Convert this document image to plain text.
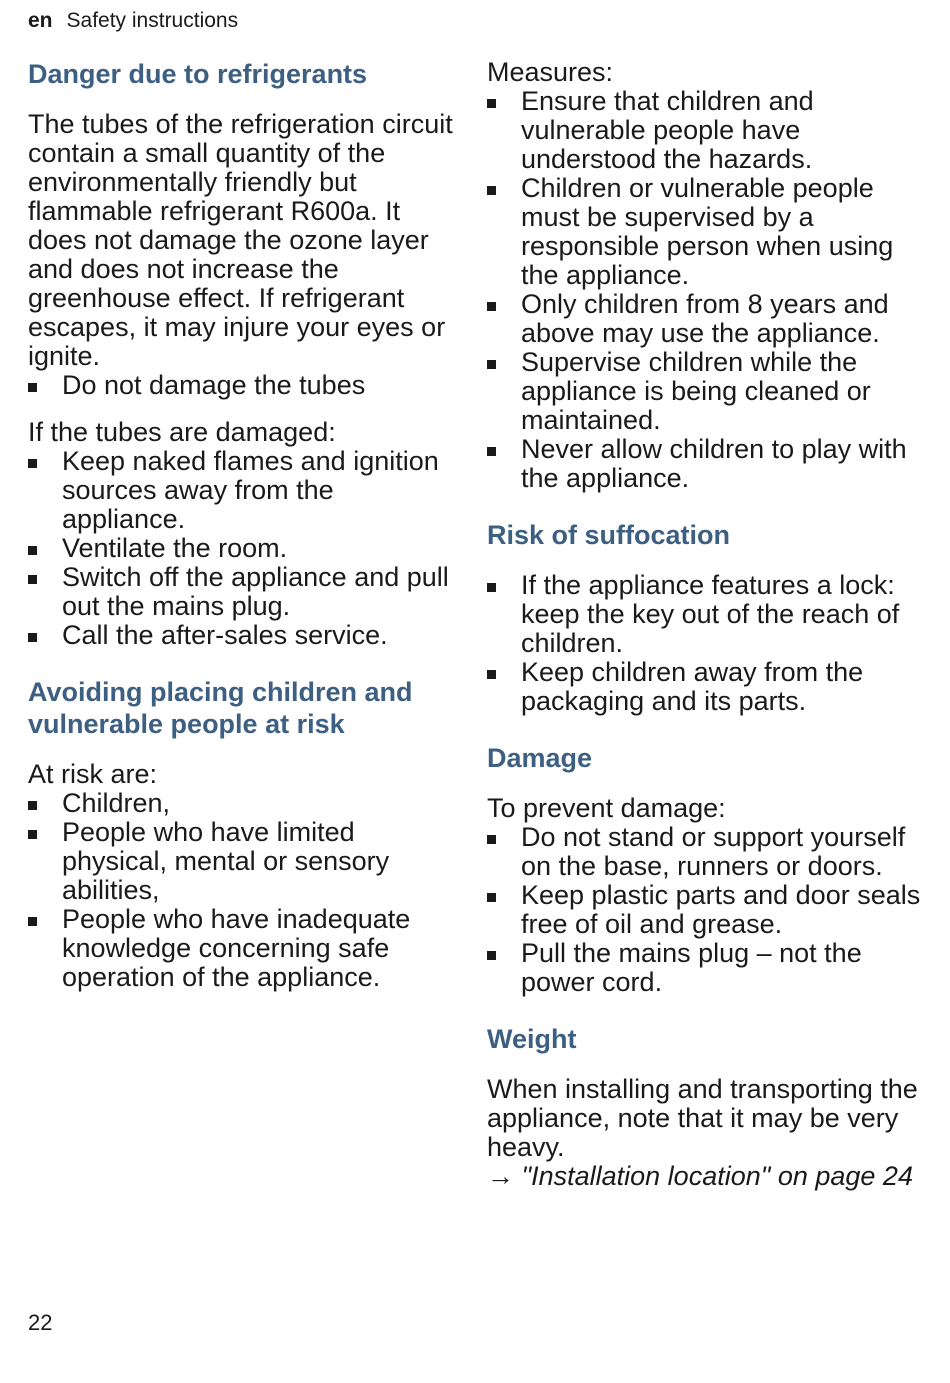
en Safety instructions
Danger due to refrigerants

The tubes of the refrigeration circuit contain a small quantity of the environmentally friendly but flammable refrigerant R600a. It does not damage the ozone layer and does not increase the greenhouse effect. If refrigerant escapes, it may injure your eyes or ignite.

Do not damage the tubes

If the tubes are damaged:

Keep naked flames and ignition sources away from the appliance.
Ventilate the room.
Switch off the appliance and pull out the mains plug.
Call the after-sales service.
Avoiding placing children and vulnerable people at risk

At risk are:

Children,
People who have limited physical, mental or sensory abilities,
People who have inadequate knowledge concerning safe operation of the appliance.

Measures:

Ensure that children and vulnerable people have understood the hazards.
Children or vulnerable people must be supervised by a responsible person when using the appliance.
Only children from 8 years and above may use the appliance.
Supervise children while the appliance is being cleaned or maintained.
Never allow children to play with the appliance.
Risk of suffocation
If the appliance features a lock: keep the key out of the reach of children.
Keep children away from the packaging and its parts.
Damage

To prevent damage:

Do not stand or support yourself on the base, runners or doors.
Keep plastic parts and door seals free of oil and grease.
Pull the mains plug – not the power cord.
Weight

When installing and transporting the appliance, note that it may be very heavy.

→ "Installation location" on page 24

22
